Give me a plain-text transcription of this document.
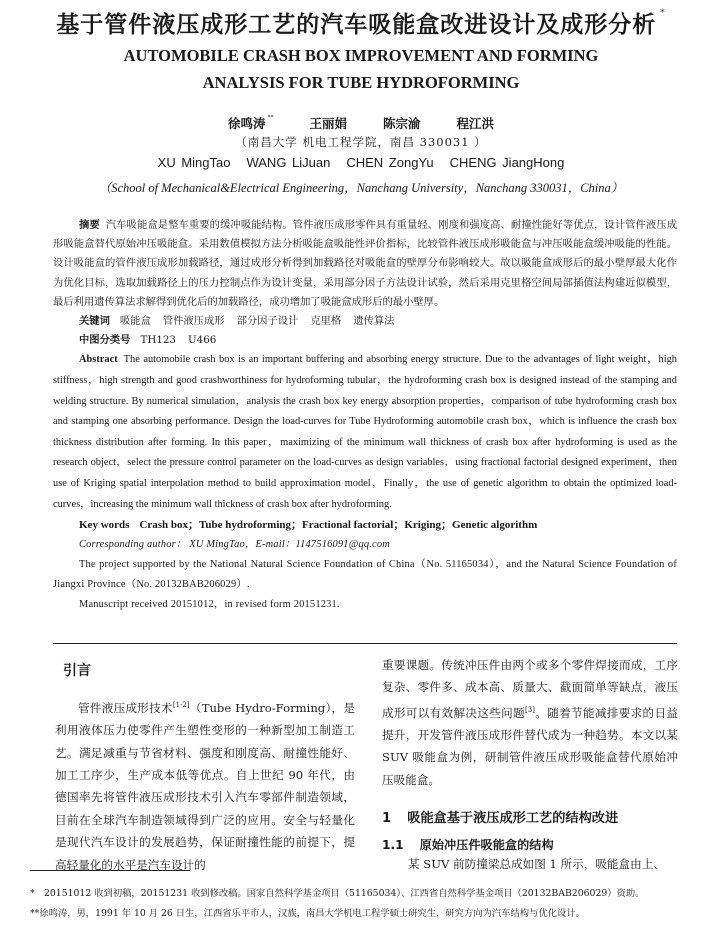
基于管件液压成形工艺的汽车吸能盒改进设计及成形分析 *
AUTOMOBILE CRASH BOX IMPROVEMENT AND FORMING
ANALYSIS FOR TUBE HYDROFORMING
徐鸣涛 **	王丽娟	陈宗渝	程江洪
（南昌大学 机电工程学院，南昌 330031 ）
XU MingTao WANG LiJuan CHEN ZongYu CHENG JiangHong
（School of Mechanical&Electrical Engineering，Nanchang University，Nanchang 330031，China）

摘要 汽车吸能盒是整车重要的缓冲吸能结构。管件液压成形零件具有重量轻、刚度和强度高、耐撞性能好等优点，设计管件液压成形吸能盒替代原始冲压吸能盒。采用数值模拟方法分析吸能盒吸能性评价指标，比较管件液压成形吸能盒与冲压吸能盒缓冲吸能的性能。设计吸能盒的管件液压成形加载路径，通过成形分析得到加载路径对吸能盒的壁厚分布影响较大。故以吸能盒成形后的最小壁厚最大化作为优化目标，选取加载路径上的压力控制点作为设计变量，采用部分因子方法设计试验，然后采用克里格空间局部插值法构建近似模型，最后利用遗传算法求解得到优化后的加载路径，成功增加了吸能盒成形后的最小壁厚。

关键词 吸能盒 管件液压成形 部分因子设计 克里格 遗传算法

中图分类号 TH123 U466

Abstract The automobile crash box is an important buffering and absorbing energy structure. Due to the advantages of light weight，high stiffness，high strength and good crashworthiness for hydroforming tubular，the hydroforming crash box is designed instead of the stamping and welding structure. By numerical simulation，analysis the crash box key energy absorption properties，comparison of tube hydroforming crash box and stamping one absorbing performance. Design the load-curves for Tube Hydroforming automobile crash box，which is influence the crash box thickness distribution after forming. In this paper，maximizing of the minimum wall thickness of crash box after hydroforming is used as the research object，select the pressure control parameter on the load-curves as design variables，using fractional factorial designed experiment，then use of Kriging spatial interpolation method to build approximation model，Finally，the use of genetic algorithm to obtain the optimized load-curves，increasing the minimum wall thickness of crash box after hydroforming.

Key words Crash box；Tube hydroforming；Fractional factorial；Kriging；Genetic algorithm

Corresponding author： XU MingTao，E-mail：1147516091@qq.com

The project supported by the National Natural Science Foundation of China（No. 51165034），and the Natural Science Foundation of Jiangxi Province（No. 20132BAB206029）.

Manuscript received 20151012，in revised form 20151231.

引言

管件液压成形技术[1-2]（Tube Hydro-Forming），是利用液体压力使零件产生塑性变形的一种新型加工制造工艺。满足减重与节省材料、强度和刚度高、耐撞性能好、加工工序少，生产成本低等优点。自上世纪 90 年代，由德国率先将管件液压成形技术引入汽车零部件制造领域，目前在全球汽车制造领域得到广泛的应用。安全与轻量化是现代汽车设计的发展趋势，保证耐撞性能的前提下，提高轻量化的水平是汽车设计的

重要课题。传统冲压件由两个或多个零件焊接而成，工序复杂、零件多、成本高、质量大、截面简单等缺点，液压成形可以有效解决这些问题[3]。随着节能减排要求的日益提升，开发管件液压成形件替代成为一种趋势。本文以某 SUV 吸能盒为例，研制管件液压成形吸能盒替代原始冲压吸能盒。

1 吸能盒基于液压成形工艺的结构改进

1.1 原始冲压件吸能盒的结构

某 SUV 前防撞梁总成如图 1 所示，吸能盒由上、

*　20151012 收到初稿，20151231 收到修改稿。国家自然科学基金项目（51165034）、江西省自然科学基金项目（20132BAB206029）资助。

**徐鸣涛，男，1991 年 10 月 26 日生，江西省乐平市人，汉族，南昌大学机电工程学硕士研究生，研究方向为汽车结构与优化设计。
